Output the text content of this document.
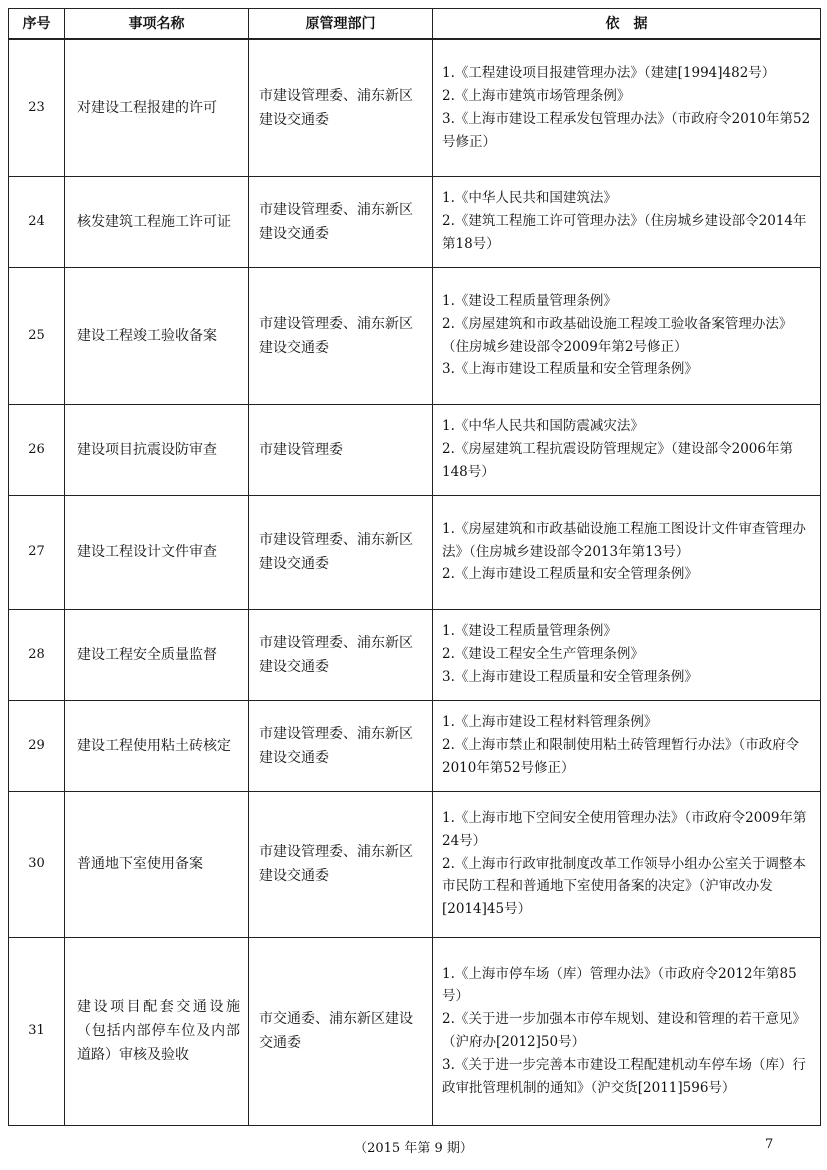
序号	事项名称	原管理部门	依　据
23	对建设工程报建的许可	市建设管理委、浦东新区建设交通委	1.《工程建设项目报建管理办法》（建建[1994]482号）
2.《上海市建筑市场管理条例》
3.《上海市建设工程承发包管理办法》（市政府令2010年第52号修正）

24	核发建筑工程施工许可证	市建设管理委、浦东新区建设交通委	1.《中华人民共和国建筑法》
2.《建筑工程施工许可管理办法》（住房城乡建设部令2014年第18号）

25	建设工程竣工验收备案	市建设管理委、浦东新区建设交通委	1.《建设工程质量管理条例》
2.《房屋建筑和市政基础设施工程竣工验收备案管理办法》（住房城乡建设部令2009年第2号修正）
3.《上海市建设工程质量和安全管理条例》

26	建设项目抗震设防审查	市建设管理委	1.《中华人民共和国防震减灾法》
2.《房屋建筑工程抗震设防管理规定》（建设部令2006年第148号）

27	建设工程设计文件审查	市建设管理委、浦东新区建设交通委	1.《房屋建筑和市政基础设施工程施工图设计文件审查管理办法》（住房城乡建设部令2013年第13号）
2.《上海市建设工程质量和安全管理条例》

28	建设工程安全质量监督	市建设管理委、浦东新区建设交通委	1.《建设工程质量管理条例》
2.《建设工程安全生产管理条例》
3.《上海市建设工程质量和安全管理条例》

29	建设工程使用粘土砖核定	市建设管理委、浦东新区建设交通委	1.《上海市建设工程材料管理条例》
2.《上海市禁止和限制使用粘土砖管理暂行办法》（市政府令2010年第52号修正）

30	普通地下室使用备案	市建设管理委、浦东新区建设交通委	1.《上海市地下空间安全使用管理办法》（市政府令2009年第24号）
2.《上海市行政审批制度改革工作领导小组办公室关于调整本市民防工程和普通地下室使用备案的决定》（沪审改办发[2014]45号）

31	建设项目配套交通设施（包括内部停车位及内部道路）审核及验收	市交通委、浦东新区建设交通委	1.《上海市停车场（库）管理办法》（市政府令2012年第85号）
2.《关于进一步加强本市停车规划、建设和管理的若干意见》（沪府办[2012]50号）
3.《关于进一步完善本市建设工程配建机动车停车场（库）行政审批管理机制的通知》（沪交货[2011]596号）
（2015 年第 9 期）	7
